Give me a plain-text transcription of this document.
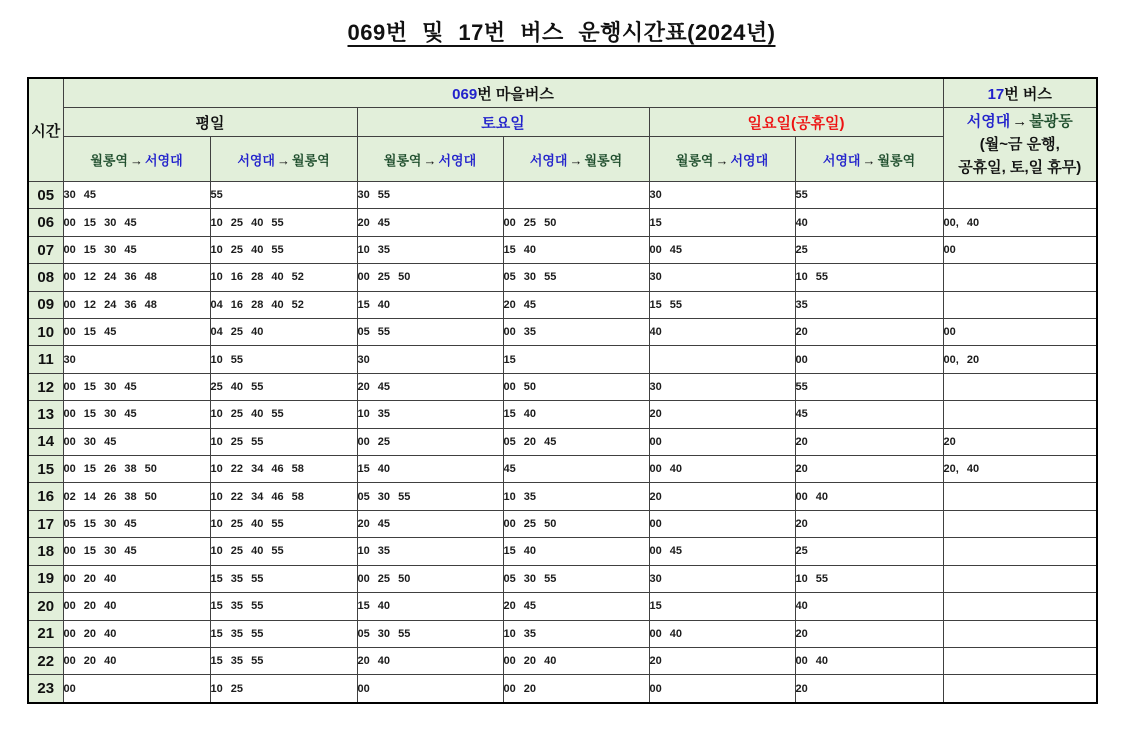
069번 및 17번 버스 운행시간표(2024년)
시간	069번 마을버스						17번 버스
	평일		토요일		일요일(공휴일)		서영대 → 불광동
(월~금 운행,
공휴일, 토,일 휴무)

	월롱역 → 서영대	서영대 → 월롱역	월롱역 → 서영대	서영대 → 월롱역	월롱역 → 서영대	서영대 → 월롱역	
05	30 45	55	30 55		30	55	
06	00 15 30 45	10 25 40 55	20 45	00 25 50	15	40	00, 40
07	00 15 30 45	10 25 40 55	10 35	15 40	00 45	25	00
08	00 12 24 36 48	10 16 28 40 52	00 25 50	05 30 55	30	10 55	
09	00 12 24 36 48	04 16 28 40 52	15 40	20 45	15 55	35	
10	00 15 45	04 25 40	05 55	00 35	40	20	00
11	30	10 55	30	15		00	00, 20
12	00 15 30 45	25 40 55	20 45	00 50	30	55	
13	00 15 30 45	10 25 40 55	10 35	15 40	20	45	
14	00 30 45	10 25 55	00 25	05 20 45	00	20	20
15	00 15 26 38 50	10 22 34 46 58	15 40	45	00 40	20	20, 40
16	02 14 26 38 50	10 22 34 46 58	05 30 55	10 35	20	00 40	
17	05 15 30 45	10 25 40 55	20 45	00 25 50	00	20	
18	00 15 30 45	10 25 40 55	10 35	15 40	00 45	25	
19	00 20 40	15 35 55	00 25 50	05 30 55	30	10 55	
20	00 20 40	15 35 55	15 40	20 45	15	40	
21	00 20 40	15 35 55	05 30 55	10 35	00 40	20	
22	00 20 40	15 35 55	20 40	00 20 40	20	00 40	
23	00	10 25	00	00 20	00	20	
